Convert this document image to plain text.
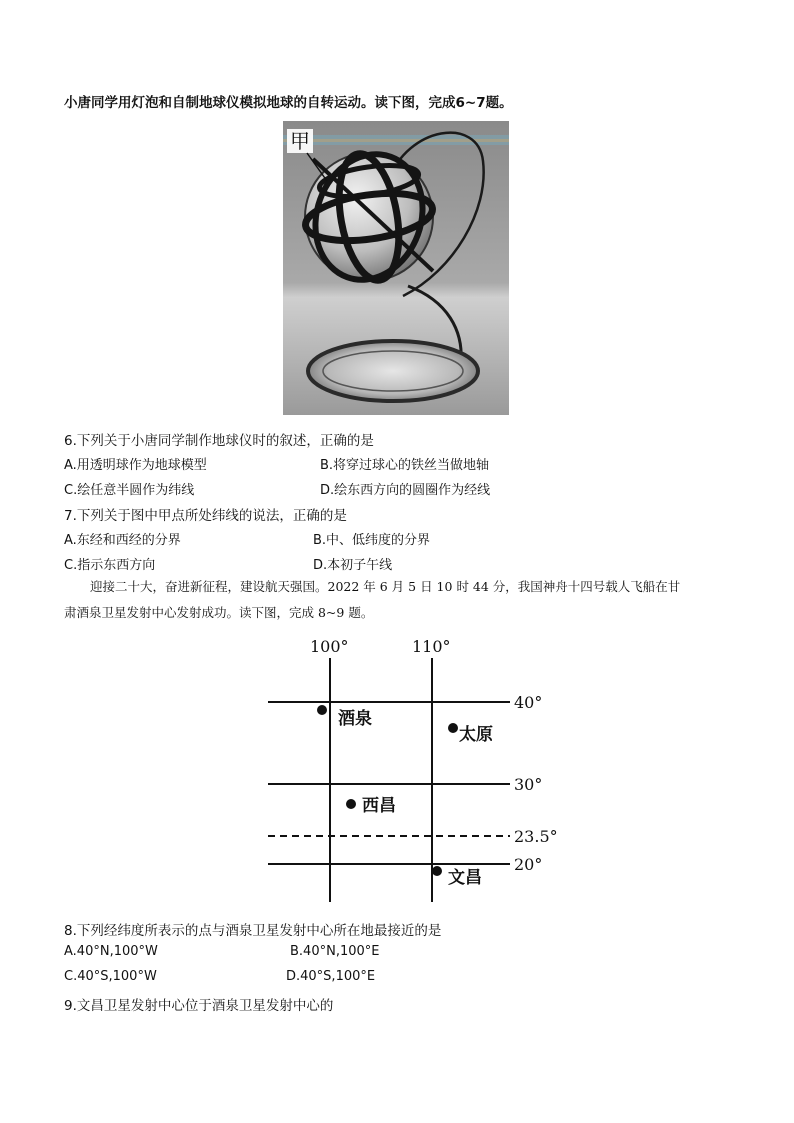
小唐同学用灯泡和自制地球仪模拟地球的自转运动。读下图，完成6~7题。
甲
6.下列关于小唐同学制作地球仪时的叙述，正确的是
A.用透明球作为地球模型	B.将穿过球心的铁丝当做地轴
C.绘任意半圆作为纬线	D.绘东西方向的圆圈作为经线
7.下列关于图中甲点所处纬线的说法，正确的是
A.东经和西经的分界	B.中、低纬度的分界
C.指示东西方向	D.本初子午线
迎接二十大，奋进新征程，建设航天强国。2022 年 6 月 5 日 10 时 44 分，我国神舟十四号载人飞船在甘
肃酒泉卫星发射中心发射成功。读下图，完成 8~9 题。
100°	110°
40°
30°
23.5°
20°
酒泉
太原
西昌
文昌
8.下列经纬度所表示的点与酒泉卫星发射中心所在地最接近的是
A.40°N,100°W	B.40°N,100°E
C.40°S,100°W	D.40°S,100°E
9.文昌卫星发射中心位于酒泉卫星发射中心的
